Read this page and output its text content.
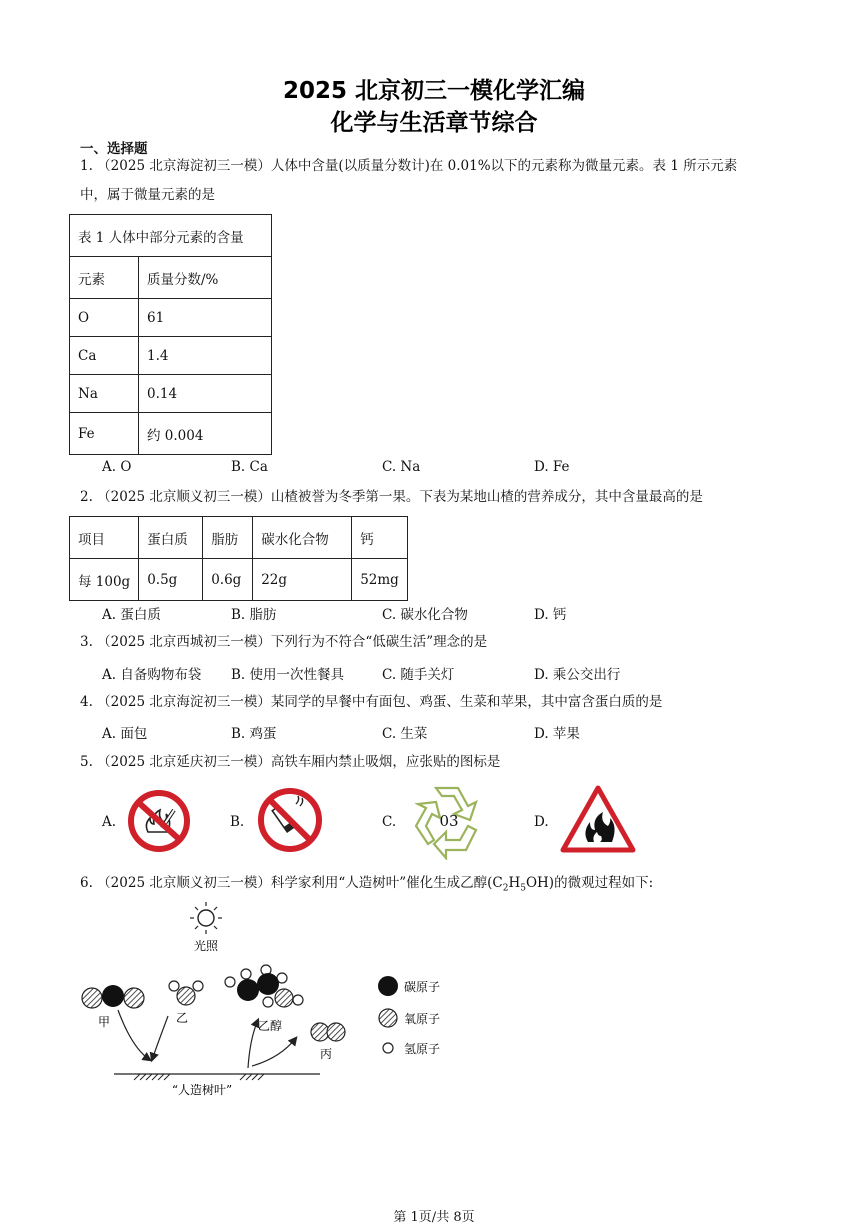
2025 北京初三一模化学汇编
化学与生活章节综合
一、选择题
1. （2025 北京海淀初三一模）人体中含量(以质量分数计)在 0.01%以下的元素称为微量元素。表 1 所示元素
中，属于微量元素的是
表 1 人体中部分元素的含量	
元素	质量分数/%
O	61
Ca	1.4
Na	0.14
Fe	约 0.004
A. O	B. Ca	C. Na	D. Fe
2. （2025 北京顺义初三一模）山楂被誉为冬季第一果。下表为某地山楂的营养成分，其中含量最高的是
项目	蛋白质	脂肪	碳水化合物	钙
每 100g	0.5g	0.6g	22g	52mg
A. 蛋白质	B. 脂肪	C. 碳水化合物	D. 钙
3. （2025 北京西城初三一模）下列行为不符合“低碳生活”理念的是
A. 自备购物布袋 B. 使用一次性餐具	C. 随手关灯	D. 乘公交出行
4. （2025 北京海淀初三一模）某同学的早餐中有面包、鸡蛋、生菜和苹果，其中富含蛋白质的是
A. 面包	B. 鸡蛋	C. 生菜	D. 苹果
5. （2025 北京延庆初三一模）高铁车厢内禁止吸烟，应张贴的图标是
A.	B.	C.	03	D.
6. （2025 北京顺义初三一模）科学家利用“人造树叶”催化生成乙醇$(C_2H_5OH)$的微观过程如下:
光照
甲	乙
乙醇
丙
“人造树叶”
碳原子
氧原子
氢原子
第 1页/共 8页
